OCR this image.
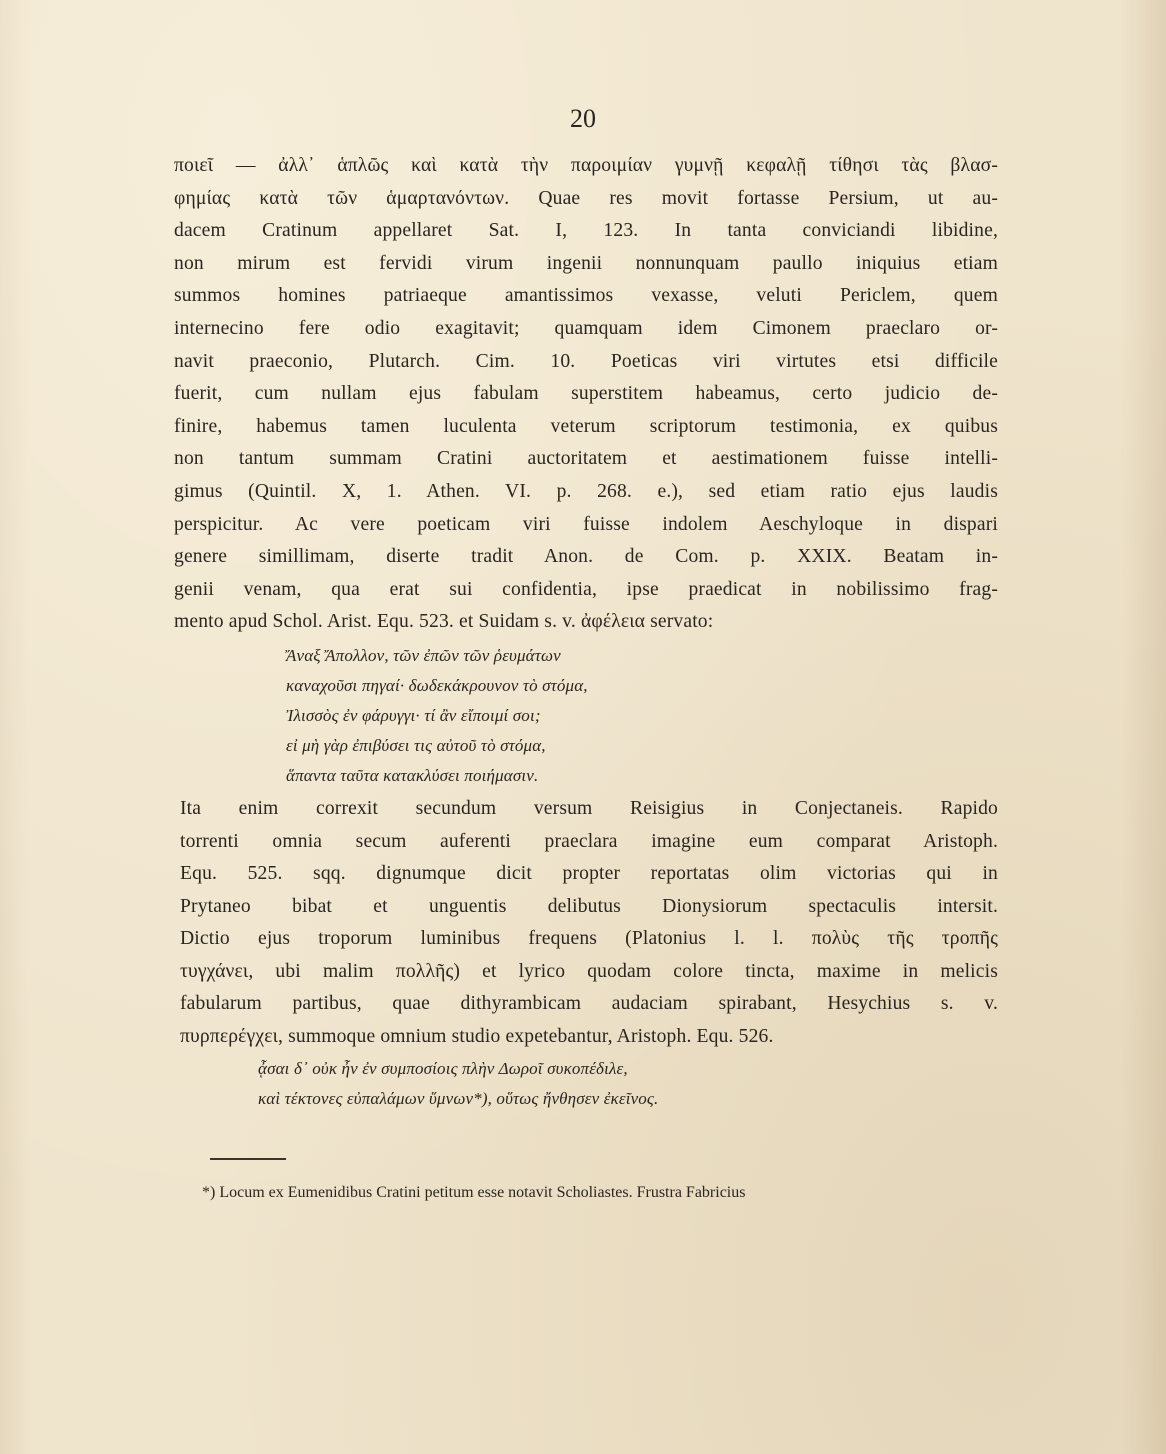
20
ποιεῖ — ἀλλ᾽ ἁπλῶς καὶ κατὰ τὴν παροιμίαν γυμνῇ κεφαλῇ τίθησι τὰς βλασ-
φημίας κατὰ τῶν ἁμαρτανόντων. Quae res movit fortasse Persium, ut au-
dacem Cratinum appellaret Sat. I, 123. In tanta conviciandi libidine,
non mirum est fervidi virum ingenii nonnunquam paullo iniquius etiam
summos homines patriaeque amantissimos vexasse, veluti Periclem, quem
internecino fere odio exagitavit; quamquam idem Cimonem praeclaro or-
navit praeconio, Plutarch. Cim. 10. Poeticas viri virtutes etsi difficile
fuerit, cum nullam ejus fabulam superstitem habeamus, certo judicio de-
finire, habemus tamen luculenta veterum scriptorum testimonia, ex quibus
non tantum summam Cratini auctoritatem et aestimationem fuisse intelli-
gimus (Quintil. X, 1. Athen. VI. p. 268. e.), sed etiam ratio ejus laudis
perspicitur. Ac vere poeticam viri fuisse indolem Aeschyloque in dispari
genere simillimam, diserte tradit Anon. de Com. p. XXIX. Beatam in-
genii venam, qua erat sui confidentia, ipse praedicat in nobilissimo frag-
mento apud Schol. Arist. Equ. 523. et Suidam s. v. ἀφέλεια servato:
Ἄναξ Ἄπολλον, τῶν ἐπῶν τῶν ῥευμάτων
καναχοῦσι πηγαί· δωδεκάκρουνον τὸ στόμα,
Ἰλισσὸς ἐν φάρυγγι· τί ἂν εἴποιμί σοι;
εἰ μὴ γὰρ ἐπιβύσει τις αὐτοῦ τὸ στόμα,
ἅπαντα ταῦτα κατακλύσει ποιήμασιν.
Ita enim correxit secundum versum Reisigius in Conjectaneis. Rapido
torrenti omnia secum auferenti praeclara imagine eum comparat Aristoph.
Equ. 525. sqq. dignumque dicit propter reportatas olim victorias qui in
Prytaneo bibat et unguentis delibutus Dionysiorum spectaculis intersit.
Dictio ejus troporum luminibus frequens (Platonius l. l. πολὺς τῆς τροπῆς
τυγχάνει, ubi malim πολλῆς) et lyrico quodam colore tincta, maxime in melicis
fabularum partibus, quae dithyrambicam audaciam spirabant, Hesychius s. v.
πυρπερέγχει, summoque omnium studio expetebantur, Aristoph. Equ. 526.
ᾆσαι δ᾽ οὐκ ἦν ἐν συμποσίοις πλὴν Δωροῖ συκοπέδιλε,
καὶ τέκτονες εὐπαλάμων ὕμνων*), οὕτως ἤνθησεν ἐκεῖνος.
*) Locum ex Eumenidibus Cratini petitum esse notavit Scholiastes. Frustra Fabricius
